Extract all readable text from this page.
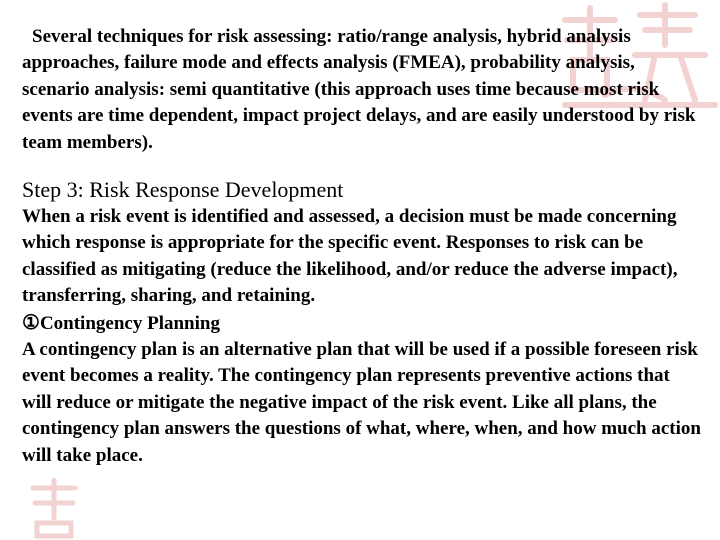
Several techniques for risk assessing: ratio/range analysis, hybrid analysis approaches, failure mode and effects analysis (FMEA), probability analysis, scenario analysis: semi quantitative (this approach uses time because most risk events are time dependent, impact project delays, and are easily understood by risk team members).

Step 3: Risk Response Development

When a risk event is identified and assessed, a decision must be made concerning which response is appropriate for the specific event. Responses to risk can be classified as mitigating (reduce the likelihood, and/or reduce the adverse impact), transferring, sharing, and retaining.

①Contingency Planning

A contingency plan is an alternative plan that will be used if a possible foreseen risk event becomes a reality. The contingency plan represents preventive actions that will reduce or mitigate the negative impact of the risk event. Like all plans, the contingency plan answers the questions of what, where, when, and how much action will take place.
